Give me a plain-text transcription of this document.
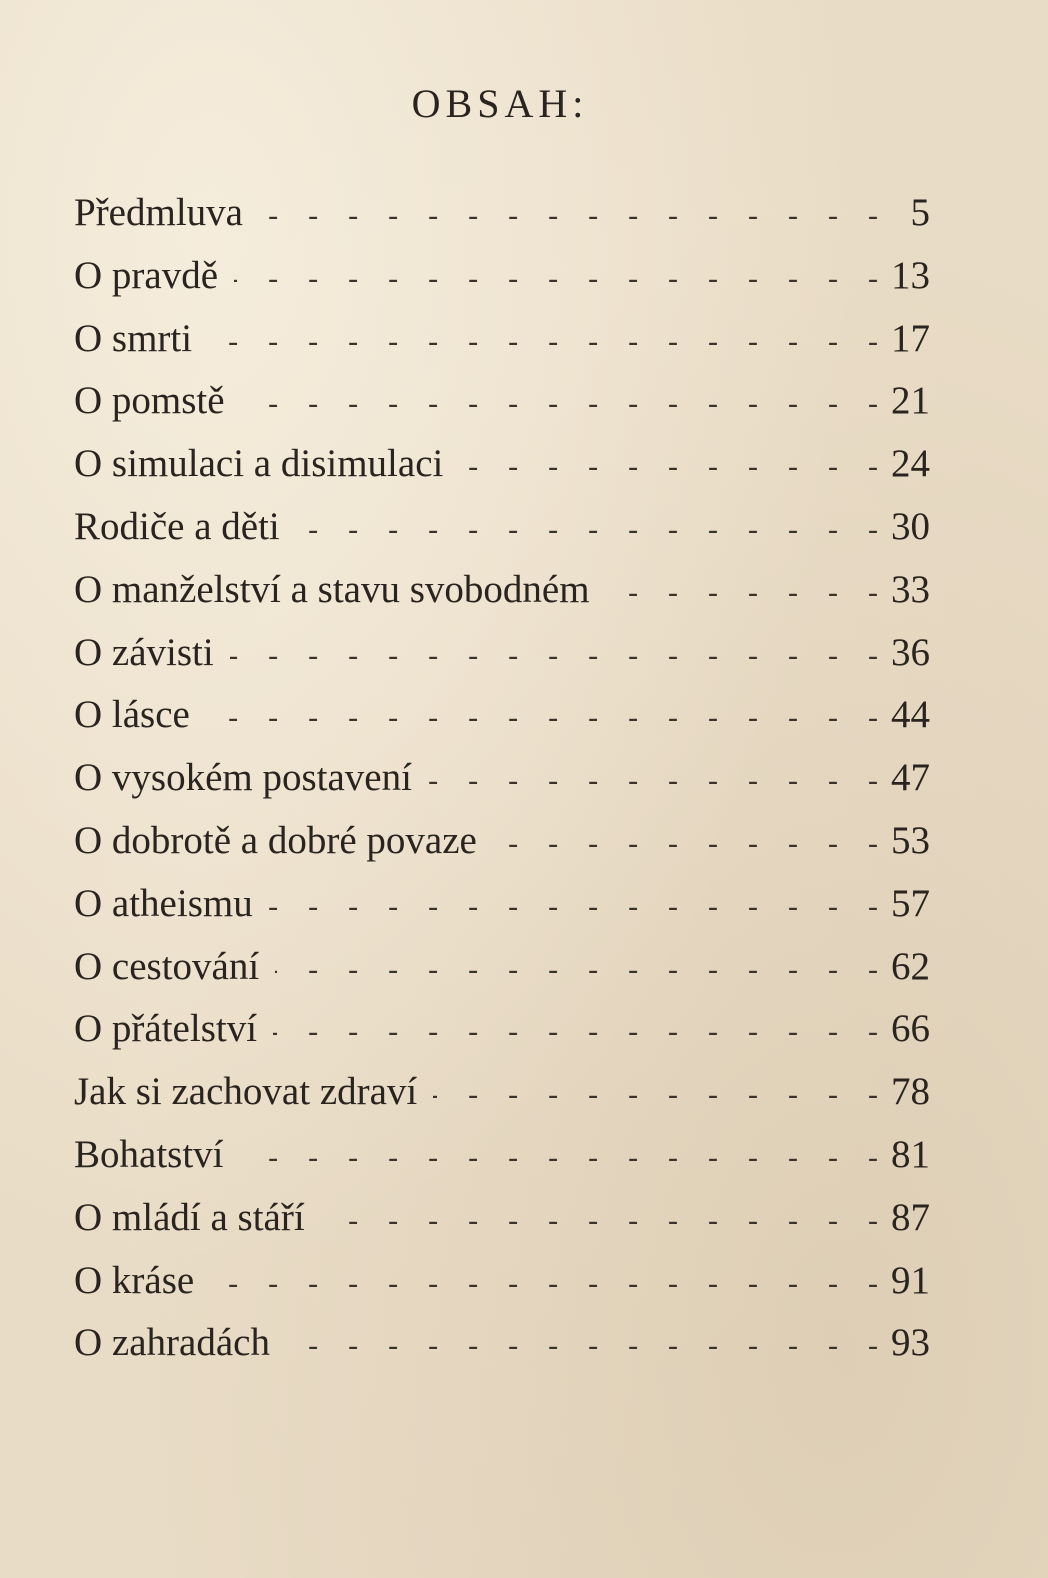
OBSAH:
Předmluva -	5
O pravdě -	13
O smrti -	17
O pomstě -	21
O simulaci a disimulaci -	24
Rodiče a děti -	30
O manželství a stavu svobodném -	33
O závisti -	36
O lásce -	44
O vysokém postavení -	47
O dobrotě a dobré povaze -	53
O atheismu -	57
O cestování -	62
O přátelství -	66
Jak si zachovat zdraví -	78
Bohatství -	81
O mládí a stáří -	87
O kráse -	91
O zahradách -	93
